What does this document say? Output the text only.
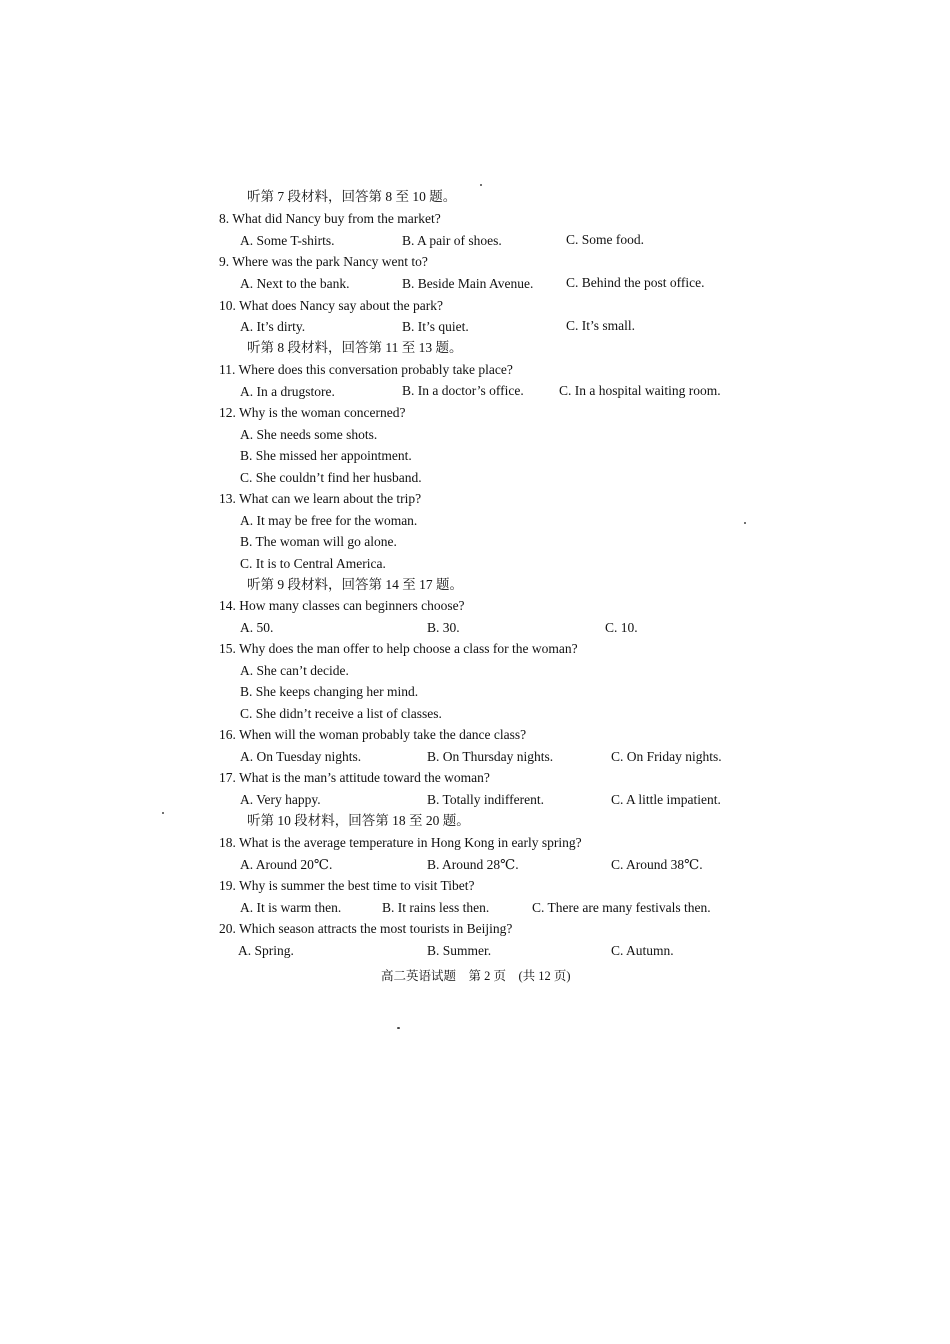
听第 7 段材料，回答第 8 至 10 题。
8. What did Nancy buy from the market?
A. Some T-shirts.	B. A pair of shoes.	C. Some food.
9. Where was the park Nancy went to?
A. Next to the bank.	B. Beside Main Avenue. C. Behind the post office.
10. What does Nancy say about the park?
A. It’s dirty.	B. It’s quiet.	C. It’s small.
听第 8 段材料，回答第 11 至 13 题。
11. Where does this conversation probably take place?
A. In a drugstore.	B. In a doctor’s office.	C. In a hospital waiting room.
12. Why is the woman concerned?
A. She needs some shots.
B. She missed her appointment.
C. She couldn’t find her husband.
13. What can we learn about the trip?
A. It may be free for the woman.
B. The woman will go alone.
C. It is to Central America.
听第 9 段材料，回答第 14 至 17 题。
14. How many classes can beginners choose?
A. 50.	B. 30.	C. 10.
15. Why does the man offer to help choose a class for the woman?
A. She can’t decide.
B. She keeps changing her mind.
C. She didn’t receive a list of classes.
16. When will the woman probably take the dance class?
A. On Tuesday nights.	B. On Thursday nights.	C. On Friday nights.
17. What is the man’s attitude toward the woman?
A. Very happy.	B. Totally indifferent.	C. A little impatient.
听第 10 段材料，回答第 18 至 20 题。
18. What is the average temperature in Hong Kong in early spring?
A. Around 20℃.	B. Around 28℃.	C. Around 38℃.
19. Why is summer the best time to visit Tibet?
A. It is warm then.	B. It rains less then.	C. There are many festivals then.
20. Which season attracts the most tourists in Beijing?
A. Spring.	B. Summer.	C. Autumn.
高二英语试题　第 2 页　(共 12 页)
